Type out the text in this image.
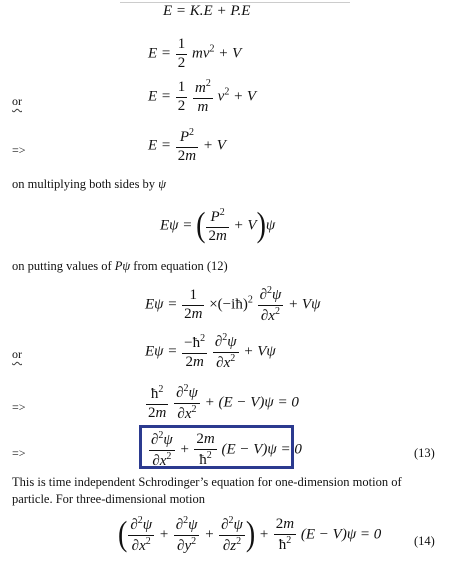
E = K.E + P.E
$E = \frac{1}{2} mv^2 + V$
or	$E = \frac{1}{2}$
$\frac{m^2}{m} v^2 + V$
=>	$E = \frac{P^2}{2m} + V$
on multiplying both sides by ψ
Eψ = ( $\frac{P^2}{2m} + V)\psi$
on putting values of Pψ from equation (12)
$E\psi = \frac{1}{2m}$ ×(−iħ)$^2$ $\frac{\partial^2\psi}{\partial x^2} + V\psi$
or	$E\psi = \frac{-ħ^2}{2m}$
$\frac{\partial^2\psi}{\partial x^2} + V\psi$
=>	$\frac{ħ^2}{2m}$
$\frac{\partial^2\psi}{\partial x^2} + (E - V)\psi = 0$
=>	$\frac{\partial^2\psi}{\partial x^2} + \frac{2m}{ħ^2} (E - V)\psi = 0$	(13)
This is time independent Schrodinger’s equation for one-dimension motion of
particle. For three-dimensional motion
( $\frac{\partial^2\psi}{\partial x^2} + \frac{\partial^2\psi}{\partial y^2} + \frac{\partial^2\psi}{\partial z^2}$ ) + $\frac{2m}{ħ^2} (E - V)\psi = 0$	(14)
